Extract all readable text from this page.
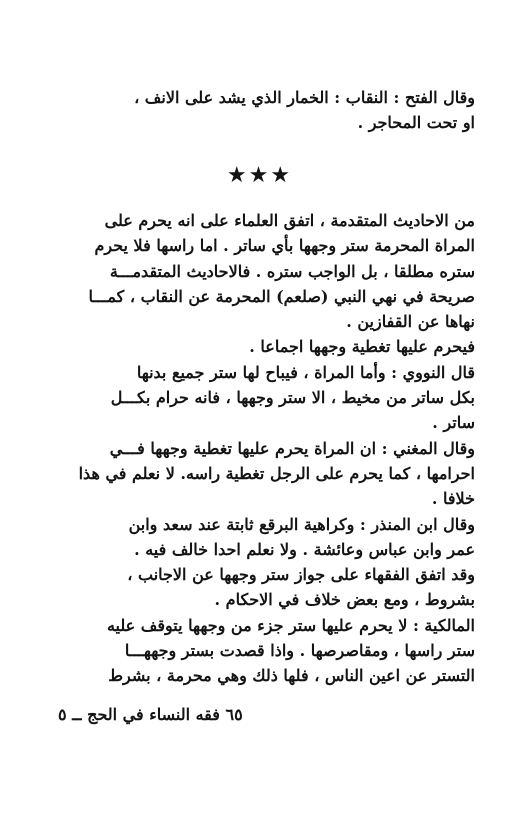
وقال الفتح : النقاب : الخمار الذي يشد على الانف ،
او تحت المحاجر .
★★★
من الاحاديث المتقدمة ، اتفق العلماء على انه يحرم على
المراة المحرمة ستر وجهها بأي ساتر . اما راسها فلا يحرم
ستره مطلقا ، بل الواجب ستره . فالاحاديث المتقدمـــة
صريحة في نهي النبي (صلعم) المحرمة عن النقاب ، كمـــا
نهاها عن القفازين .
فيحرم عليها تغطية وجهها اجماعا .
قال النووي : وأما المراة ، فيباح لها ستر جميع بدنها
بكل ساتر من مخيط ، الا ستر وجهها ، فانه حرام بكـــل
ساتر .
وقال المغني : ان المراة يحرم عليها تغطية وجهها فـــي
احرامها ، كما يحرم على الرجل تغطية راسه. لا نعلم في هذا
خلافا .
وقال ابن المنذر : وكراهية البرقع ثابتة عند سعد وابن
عمر وابن عباس وعائشة . ولا نعلم احدا خالف فيه .
وقد اتفق الفقهاء على جواز ستر وجهها عن الاجانب ،
بشروط ، ومع بعض خلاف في الاحكام .
المالكية : لا يحرم عليها ستر جزء من وجهها يتوقف عليه
ستر راسها ، ومقاصرصها . واذا قصدت بستر وجههـــا
التستر عن اعين الناس ، فلها ذلك وهي محرمة ، بشرط
٦٥ فقه النساء في الحج ــ ٥
